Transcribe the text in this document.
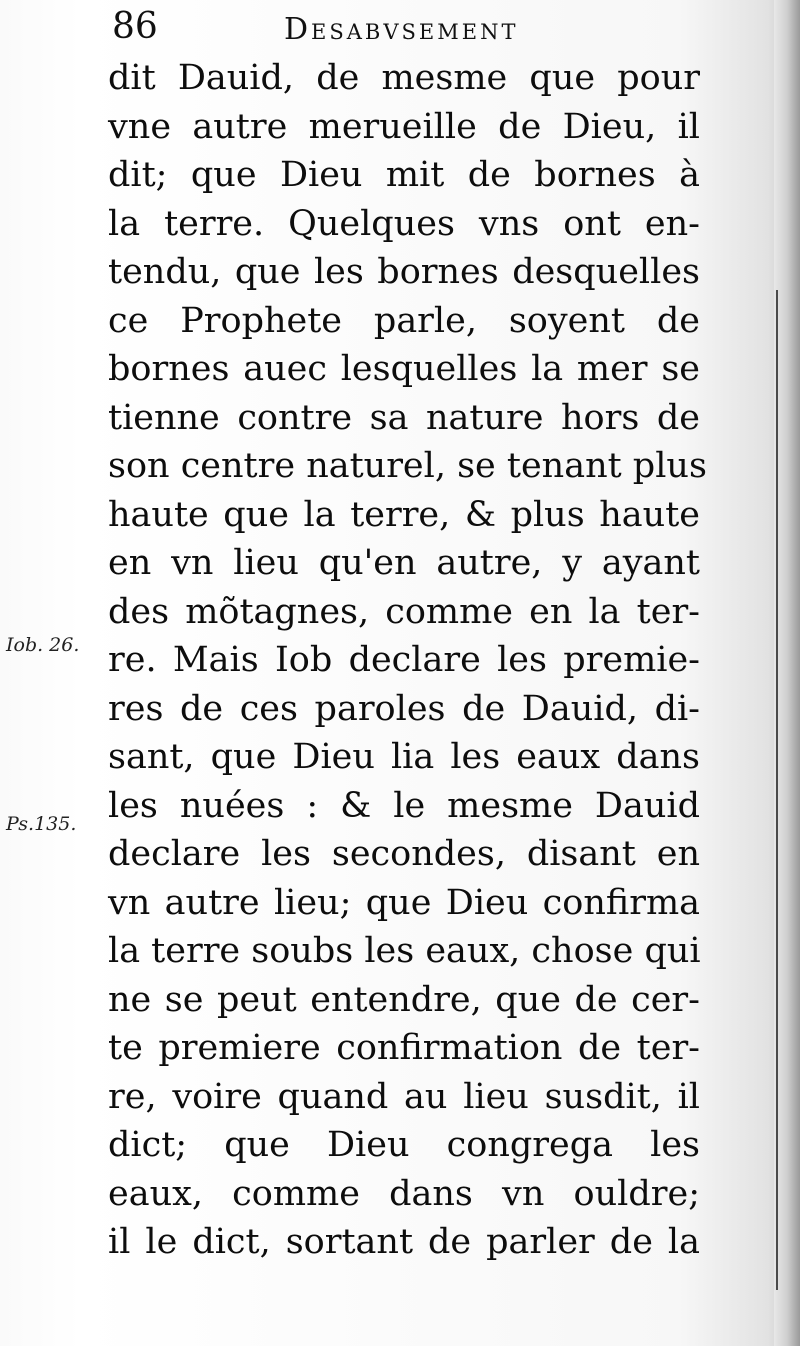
86	Desabvsement
Iob. 26.
Ps.135.
dit Dauid, de mesme que pour
vne autre merueille de Dieu, il
dit; que Dieu mit de bornes à
la terre. Quelques vns ont en-
tendu, que les bornes desquelles
ce Prophete parle, soyent de
bornes auec lesquelles la mer se
tienne contre sa nature hors de
son centre naturel, se tenant plus
haute que la terre, & plus haute
en vn lieu qu'en autre, y ayant
des mõtagnes, comme en la ter-
re. Mais Iob declare les premie-
res de ces paroles de Dauid, di-
sant, que Dieu lia les eaux dans
les nuées : & le mesme Dauid
declare les secondes, disant en
vn autre lieu; que Dieu confirma
la terre soubs les eaux, chose qui
ne se peut entendre, que de cer-
te premiere confirmation de ter-
re, voire quand au lieu susdit, il
dict; que Dieu congrega les
eaux, comme dans vn ouldre;
il le dict, sortant de parler de la
